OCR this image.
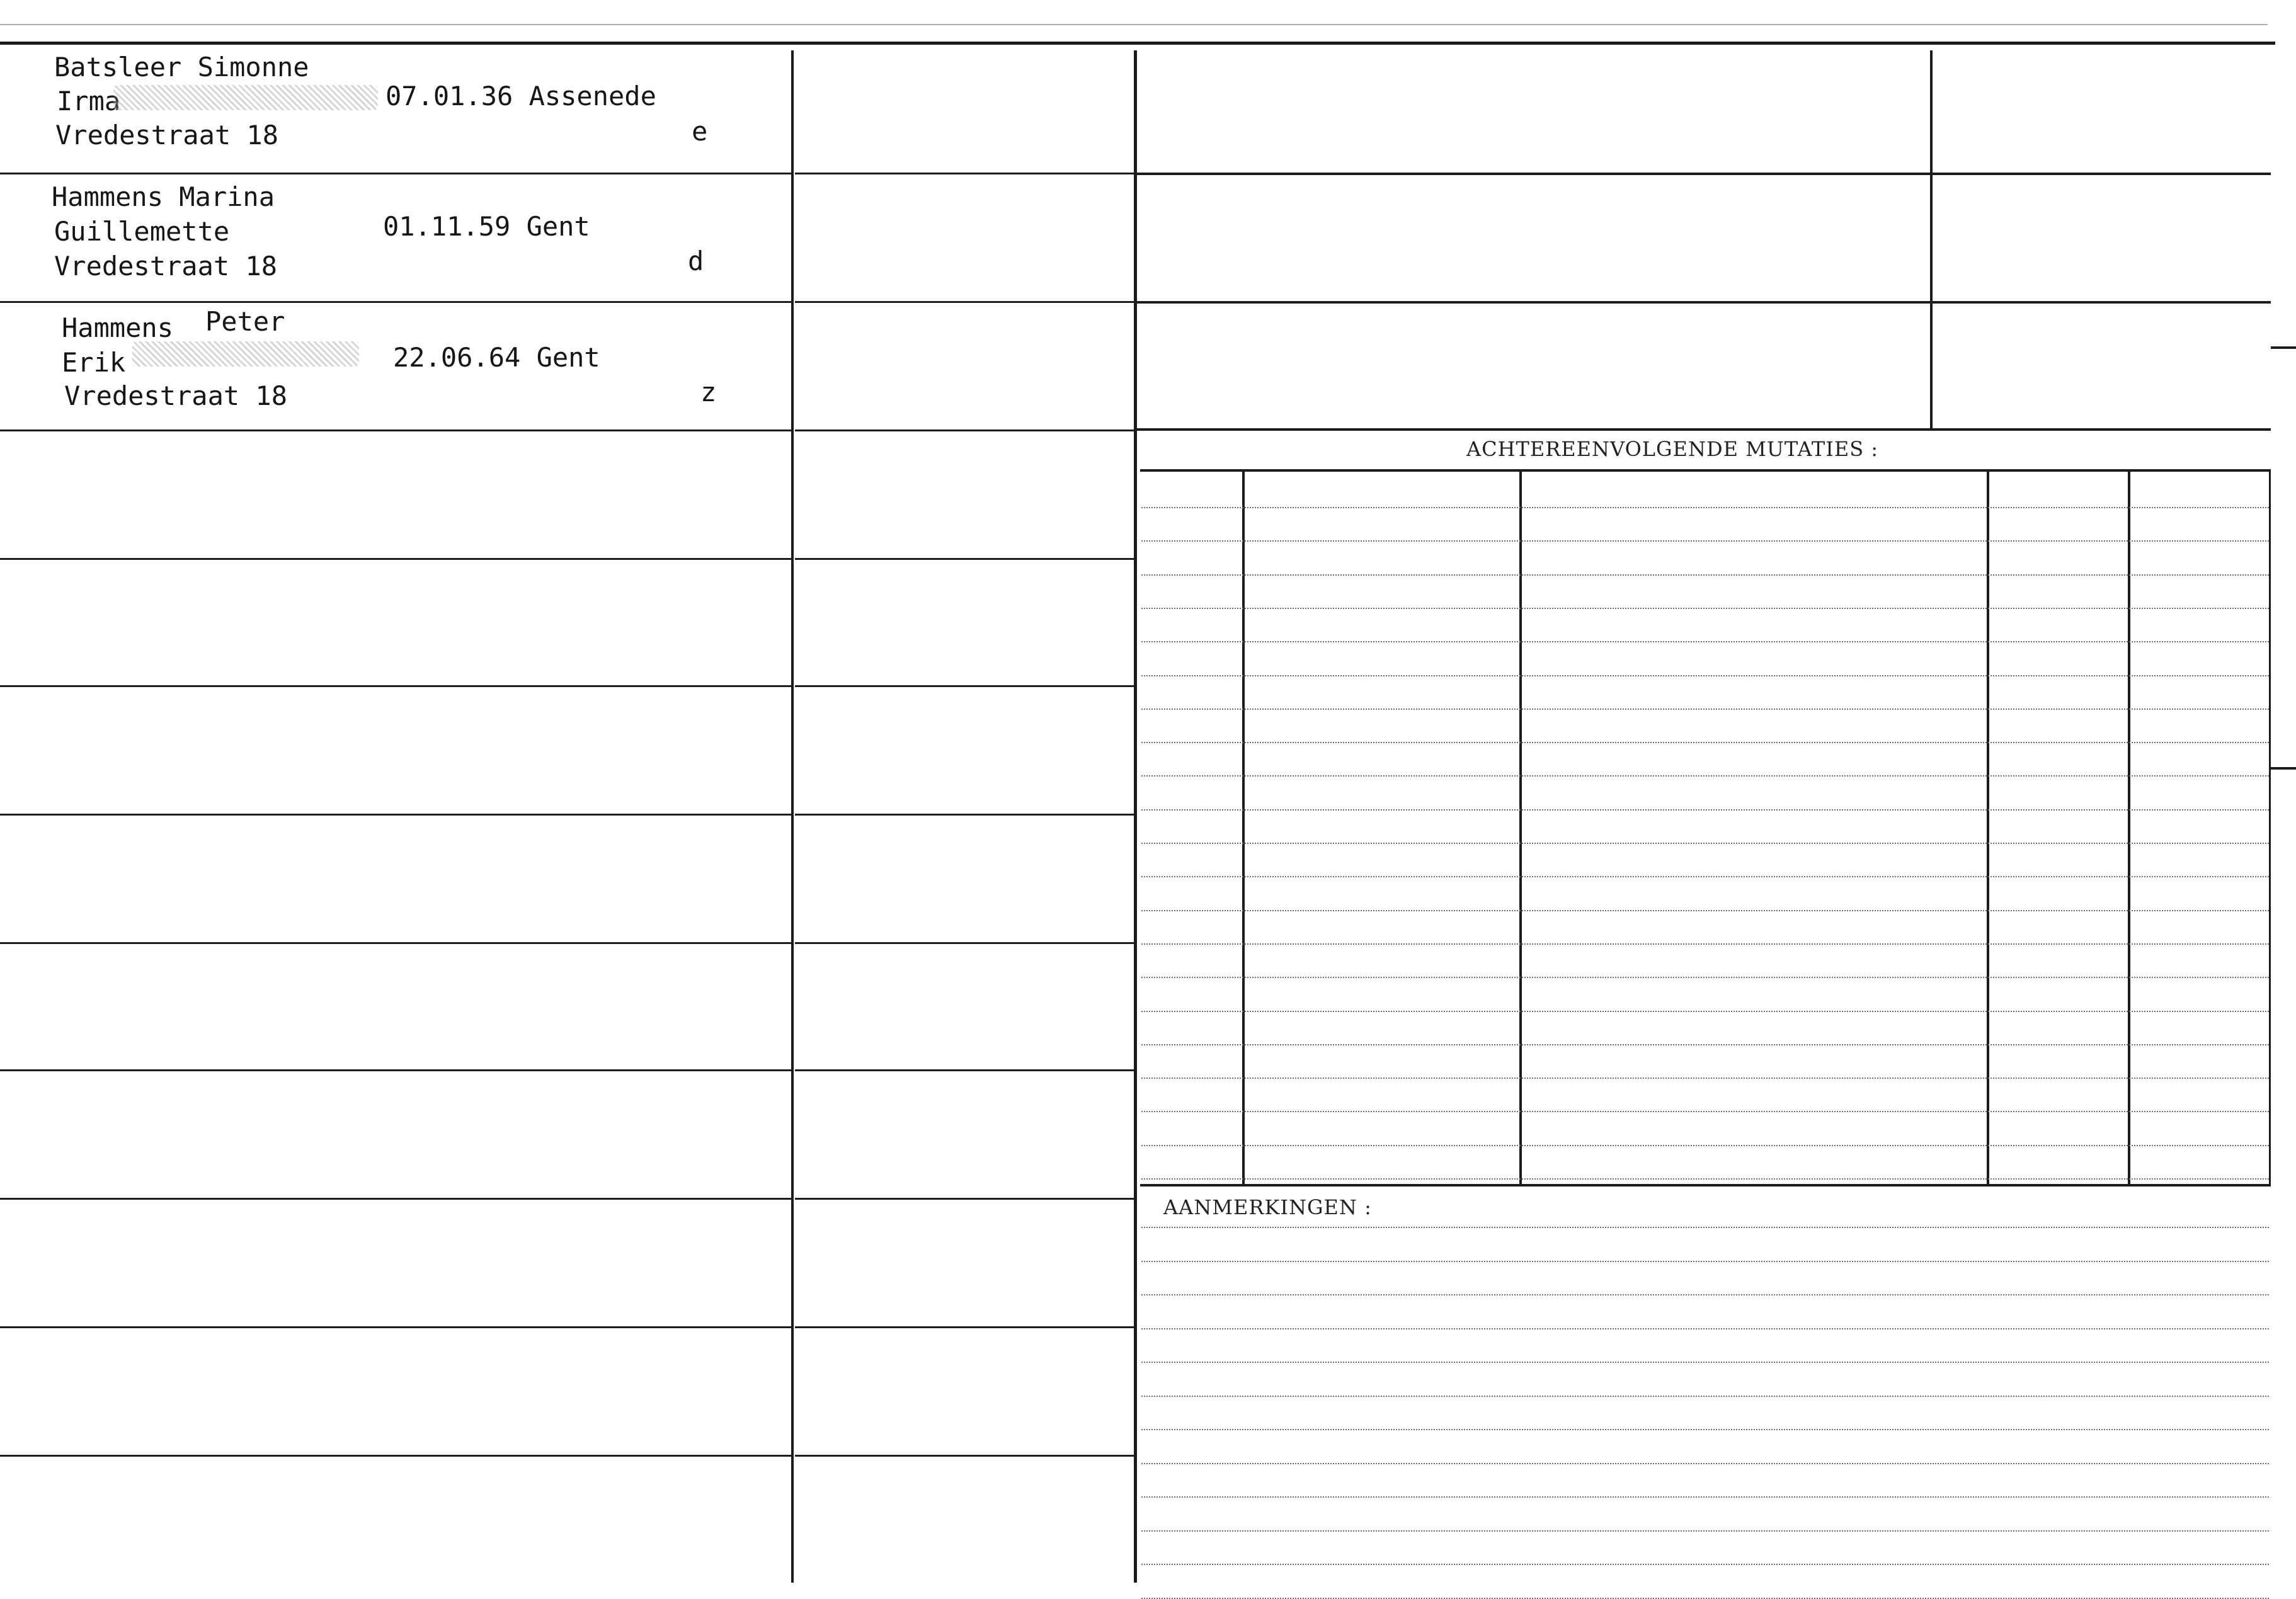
Batsleer Simonne
Irma
Vredestraat 18
07.01.36 Assenede
e
Hammens Marina
Guillemette
Vredestraat 18
01.11.59 Gent
d
Hammens Peter
Erik
Vredestraat 18
22.06.64 Gent
z
ACHTEREENVOLGENDE MUTATIES :
AANMERKINGEN :
